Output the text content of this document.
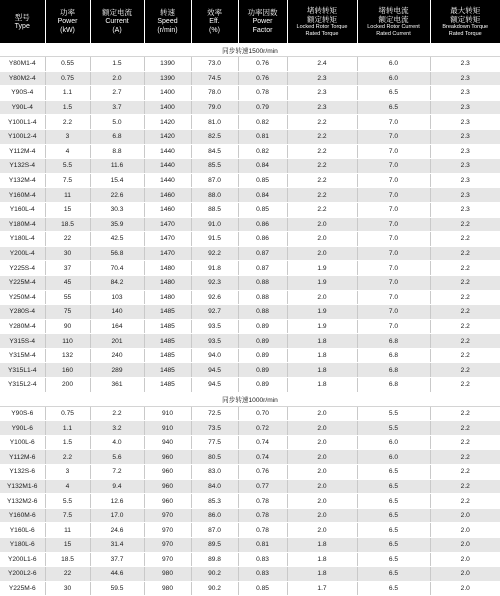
型号
Type	功率
Power
(kW)	额定电流
Current
(A)	转速
Speed
(r/min)	效率
Eff.
(%)	功率因数
Power
Factor	堵转转矩
额定转矩
Locked Rotor Torque
Rated Torque	堵转电流
额定电流
Locked Rotor Current
Rated Current	最大转矩
额定转矩
Breakdown Torque
Rated Torque

同步转速1500r/min								
Y80M1-4	0.55	1.5	1390	73.0	0.76	2.4	6.0	2.3
Y80M2-4	0.75	2.0	1390	74.5	0.76	2.3	6.0	2.3
Y90S-4	1.1	2.7	1400	78.0	0.78	2.3	6.5	2.3
Y90L-4	1.5	3.7	1400	79.0	0.79	2.3	6.5	2.3
Y100L1-4	2.2	5.0	1420	81.0	0.82	2.2	7.0	2.3
Y100L2-4	3	6.8	1420	82.5	0.81	2.2	7.0	2.3
Y112M-4	4	8.8	1440	84.5	0.82	2.2	7.0	2.3
Y132S-4	5.5	11.6	1440	85.5	0.84	2.2	7.0	2.3
Y132M-4	7.5	15.4	1440	87.0	0.85	2.2	7.0	2.3
Y160M-4	11	22.6	1460	88.0	0.84	2.2	7.0	2.3
Y160L-4	15	30.3	1460	88.5	0.85	2.2	7.0	2.3
Y180M-4	18.5	35.9	1470	91.0	0.86	2.0	7.0	2.2
Y180L-4	22	42.5	1470	91.5	0.86	2.0	7.0	2.2
Y200L-4	30	56.8	1470	92.2	0.87	2.0	7.0	2.2
Y225S-4	37	70.4	1480	91.8	0.87	1.9	7.0	2.2
Y225M-4	45	84.2	1480	92.3	0.88	1.9	7.0	2.2
Y250M-4	55	103	1480	92.6	0.88	2.0	7.0	2.2
Y280S-4	75	140	1485	92.7	0.88	1.9	7.0	2.2
Y280M-4	90	164	1485	93.5	0.89	1.9	7.0	2.2
Y315S-4	110	201	1485	93.5	0.89	1.8	6.8	2.2
Y315M-4	132	240	1485	94.0	0.89	1.8	6.8	2.2
Y315L1-4	160	289	1485	94.5	0.89	1.8	6.8	2.2
Y315L2-4	200	361	1485	94.5	0.89	1.8	6.8	2.2
同步转速1000r/min								
Y90S-6	0.75	2.2	910	72.5	0.70	2.0	5.5	2.2
Y90L-6	1.1	3.2	910	73.5	0.72	2.0	5.5	2.2
Y100L-6	1.5	4.0	940	77.5	0.74	2.0	6.0	2.2
Y112M-6	2.2	5.6	960	80.5	0.74	2.0	6.0	2.2
Y132S-6	3	7.2	960	83.0	0.76	2.0	6.5	2.2
Y132M1-6	4	9.4	960	84.0	0.77	2.0	6.5	2.2
Y132M2-6	5.5	12.6	960	85.3	0.78	2.0	6.5	2.2
Y160M-6	7.5	17.0	970	86.0	0.78	2.0	6.5	2.0
Y160L-6	11	24.6	970	87.0	0.78	2.0	6.5	2.0
Y180L-6	15	31.4	970	89.5	0.81	1.8	6.5	2.0
Y200L1-6	18.5	37.7	970	89.8	0.83	1.8	6.5	2.0
Y200L2-6	22	44.6	980	90.2	0.83	1.8	6.5	2.0
Y225M-6	30	59.5	980	90.2	0.85	1.7	6.5	2.0
